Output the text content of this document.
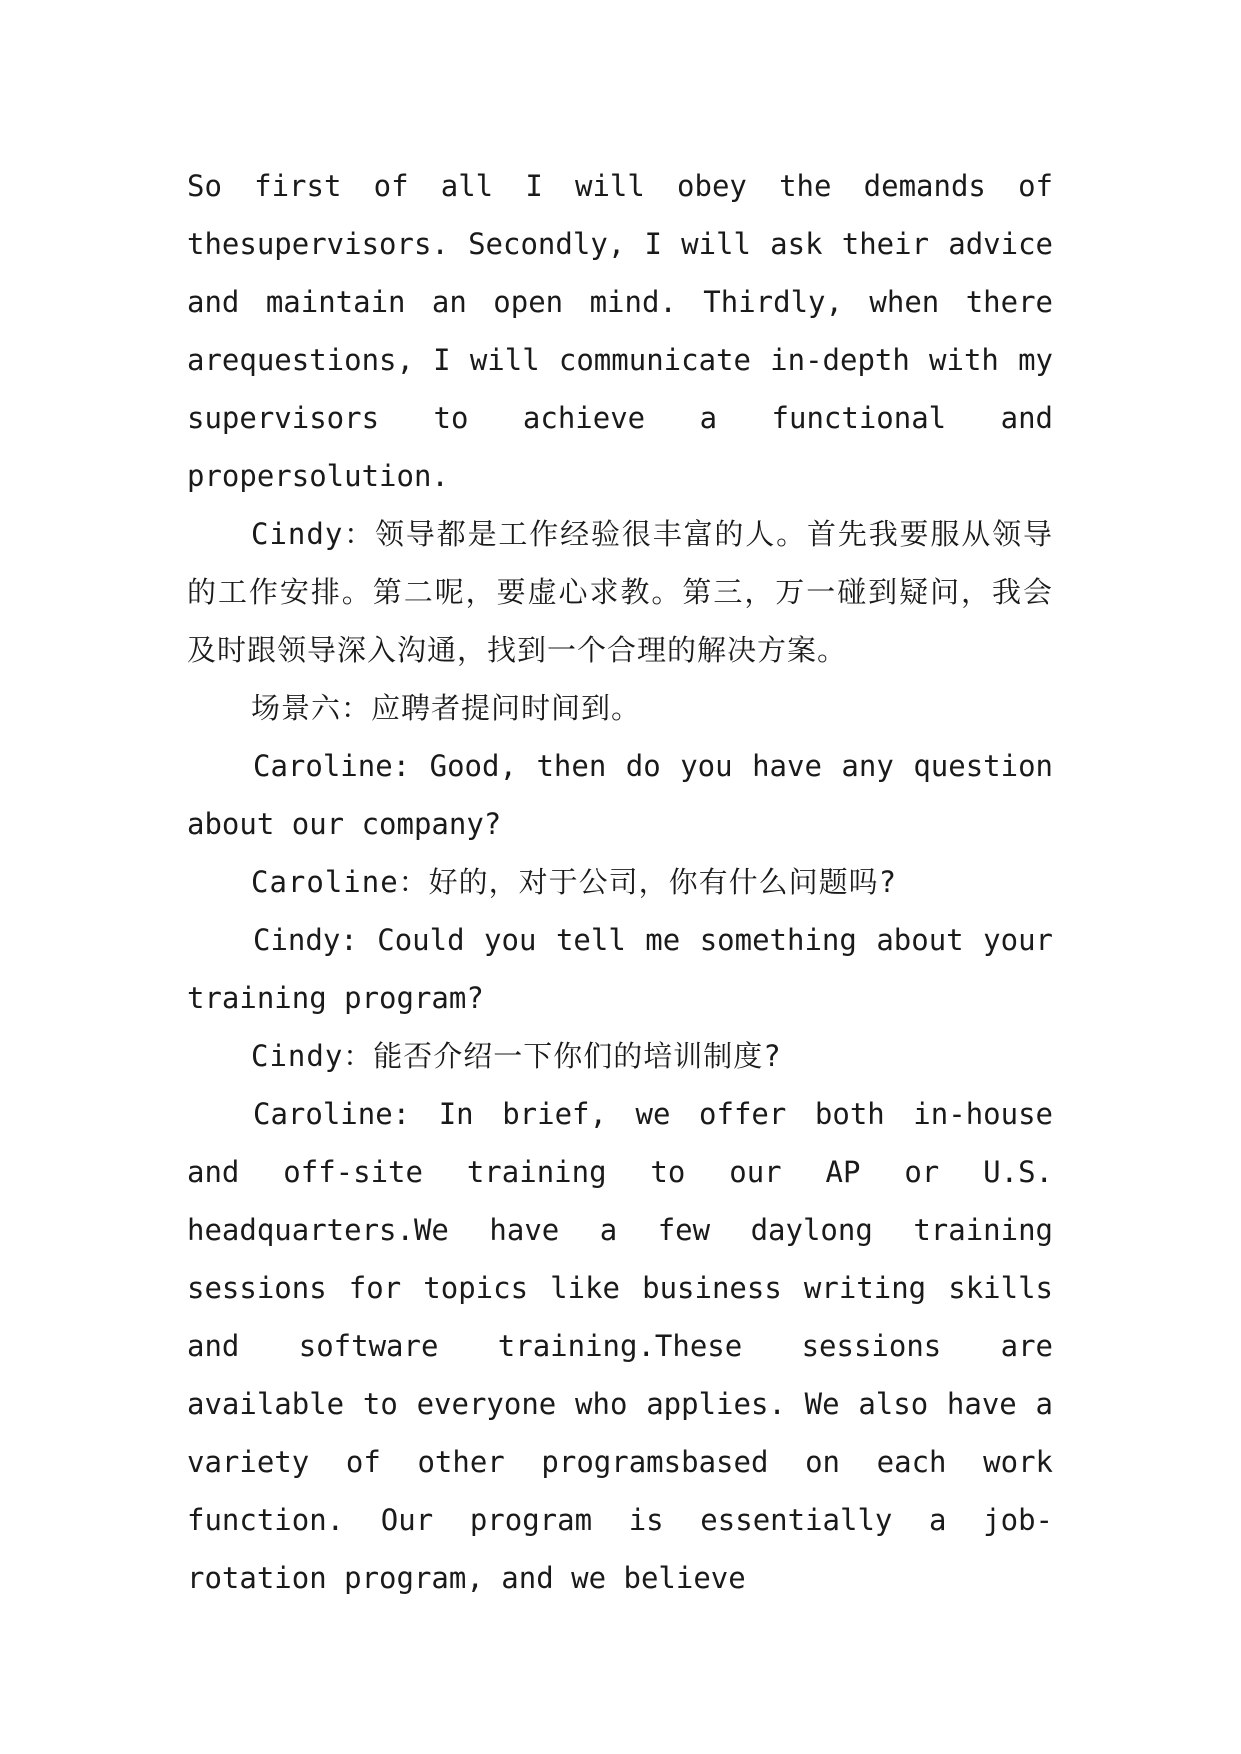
So first of all I will obey the demands of thesupervisors. Secondly, I will ask their advice and maintain an open mind. Thirdly, when there arequestions, I will communicate in-depth with my supervisors to achieve a functional and propersolution.

Cindy：领导都是工作经验很丰富的人。首先我要服从领导的工作安排。第二呢，要虚心求教。第三，万一碰到疑问，我会及时跟领导深入沟通，找到一个合理的解决方案。

场景六：应聘者提问时间到。

Caroline: Good, then do you have any question about our company?

Caroline：好的，对于公司，你有什么问题吗?

Cindy: Could you tell me something about your training program?

Cindy：能否介绍一下你们的培训制度?

Caroline: In brief, we offer both in-house and off-site training to our AP or U.S. headquarters.We have a few daylong training sessions for topics like business writing skills and software training.These sessions are available to everyone who applies. We also have a variety of other programsbased on each work function. Our program is essentially a job-rotation program, and we believe
